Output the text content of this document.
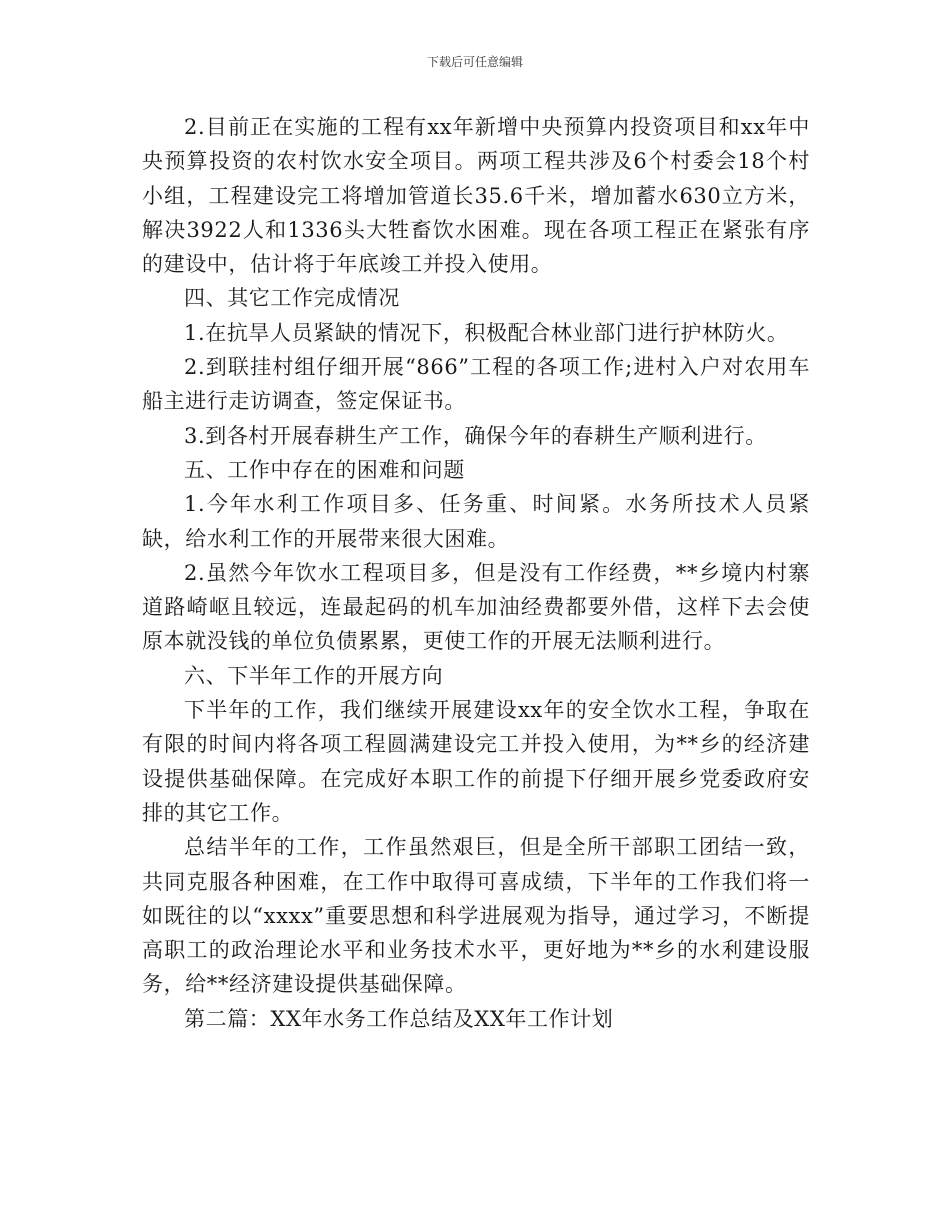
下载后可任意编辑

2.目前正在实施的工程有xx年新增中央预算内投资项目和xx年中央预算投资的农村饮水安全项目。两项工程共涉及6个村委会18个村小组，工程建设完工将增加管道长35.6千米，增加蓄水630立方米，解决3922人和1336头大牲畜饮水困难。现在各项工程正在紧张有序的建设中，估计将于年底竣工并投入使用。

四、其它工作完成情况

1.在抗旱人员紧缺的情况下，积极配合林业部门进行护林防火。

2.到联挂村组仔细开展“866”工程的各项工作;进村入户对农用车船主进行走访调查，签定保证书。

3.到各村开展春耕生产工作，确保今年的春耕生产顺利进行。

五、工作中存在的困难和问题

1.今年水利工作项目多、任务重、时间紧。水务所技术人员紧缺，给水利工作的开展带来很大困难。

2.虽然今年饮水工程项目多，但是没有工作经费，**乡境内村寨道路崎岖且较远，连最起码的机车加油经费都要外借，这样下去会使原本就没钱的单位负债累累，更使工作的开展无法顺利进行。

六、下半年工作的开展方向

下半年的工作，我们继续开展建设xx年的安全饮水工程，争取在有限的时间内将各项工程圆满建设完工并投入使用，为**乡的经济建设提供基础保障。在完成好本职工作的前提下仔细开展乡党委政府安排的其它工作。

总结半年的工作，工作虽然艰巨，但是全所干部职工团结一致，共同克服各种困难，在工作中取得可喜成绩，下半年的工作我们将一如既往的以“xxxx”重要思想和科学进展观为指导，通过学习，不断提高职工的政治理论水平和业务技术水平，更好地为**乡的水利建设服务，给**经济建设提供基础保障。

第二篇：XX年水务工作总结及XX年工作计划
